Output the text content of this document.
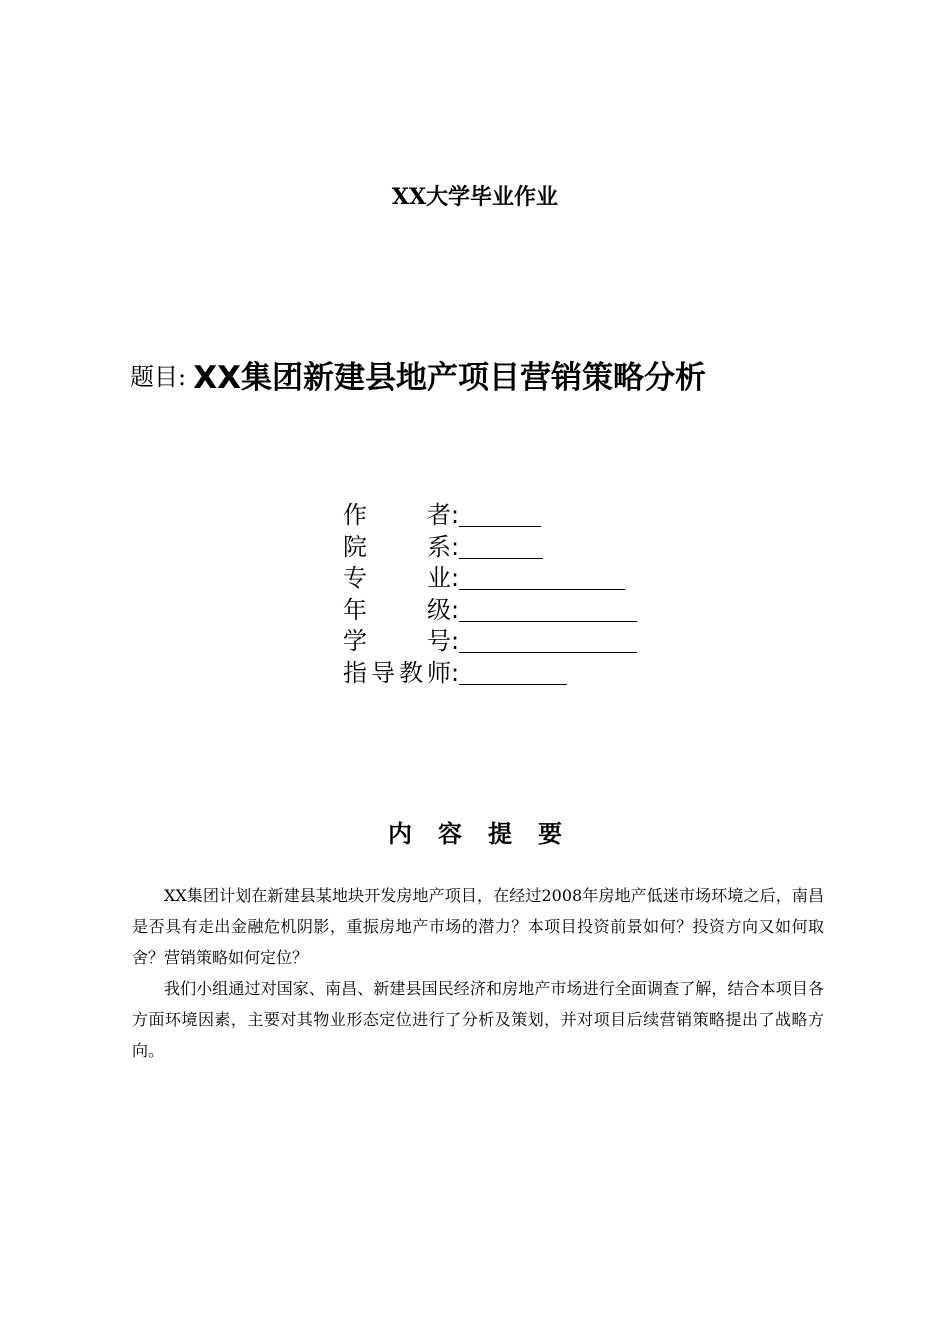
XX大学毕业作业
题目: XX集团新建县地产项目营销策略分析
作者:
院系:
专业:
年级:
学号:
指导教师:
内容提要

XX集团计划在新建县某地块开发房地产项目，在经过2008年房地产低迷市场环境之后，南昌是否具有走出金融危机阴影，重振房地产市场的潜力？本项目投资前景如何？投资方向又如何取舍？营销策略如何定位？

我们小组通过对国家、南昌、新建县国民经济和房地产市场进行全面调查了解，结合本项目各方面环境因素，主要对其物业形态定位进行了分析及策划，并对项目后续营销策略提出了战略方向。
